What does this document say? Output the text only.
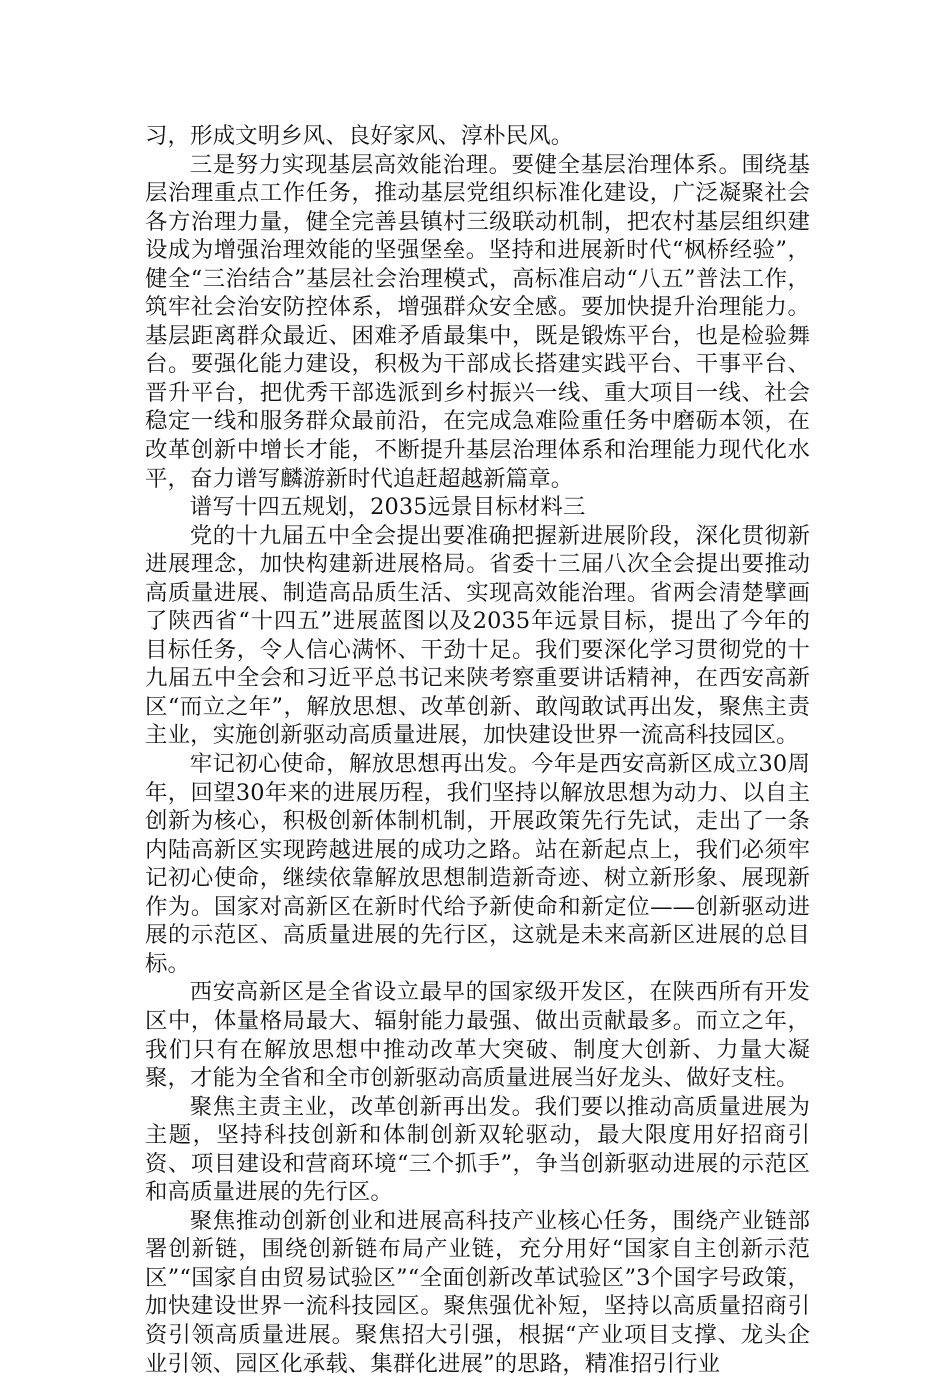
习，形成文明乡风、良好家风、淳朴民风。

三是努力实现基层高效能治理。要健全基层治理体系。围绕基层治理重点工作任务，推动基层党组织标准化建设，广泛凝聚社会各方治理力量，健全完善县镇村三级联动机制，把农村基层组织建设成为增强治理效能的坚强堡垒。坚持和进展新时代“枫桥经验”，健全“三治结合”基层社会治理模式，高标准启动“八五”普法工作，筑牢社会治安防控体系，增强群众安全感。要加快提升治理能力。基层距离群众最近、困难矛盾最集中，既是锻炼平台，也是检验舞台。要强化能力建设，积极为干部成长搭建实践平台、干事平台、晋升平台，把优秀干部选派到乡村振兴一线、重大项目一线、社会稳定一线和服务群众最前沿，在完成急难险重任务中磨砺本领，在改革创新中增长才能，不断提升基层治理体系和治理能力现代化水平，奋力谱写麟游新时代追赶超越新篇章。

谱写十四五规划，2035远景目标材料三

党的十九届五中全会提出要准确把握新进展阶段，深化贯彻新进展理念，加快构建新进展格局。省委十三届八次全会提出要推动高质量进展、制造高品质生活、实现高效能治理。省两会清楚擘画了陕西省“十四五”进展蓝图以及2035年远景目标，提出了今年的目标任务，令人信心满怀、干劲十足。我们要深化学习贯彻党的十九届五中全会和习近平总书记来陕考察重要讲话精神，在西安高新区“而立之年”，解放思想、改革创新、敢闯敢试再出发，聚焦主责主业，实施创新驱动高质量进展，加快建设世界一流高科技园区。

牢记初心使命，解放思想再出发。今年是西安高新区成立30周年，回望30年来的进展历程，我们坚持以解放思想为动力、以自主创新为核心，积极创新体制机制，开展政策先行先试，走出了一条内陆高新区实现跨越进展的成功之路。站在新起点上，我们必须牢记初心使命，继续依靠解放思想制造新奇迹、树立新形象、展现新作为。国家对高新区在新时代给予新使命和新定位——创新驱动进展的示范区、高质量进展的先行区，这就是未来高新区进展的总目标。

西安高新区是全省设立最早的国家级开发区，在陕西所有开发区中，体量格局最大、辐射能力最强、做出贡献最多。而立之年，我们只有在解放思想中推动改革大突破、制度大创新、力量大凝聚，才能为全省和全市创新驱动高质量进展当好龙头、做好支柱。

聚焦主责主业，改革创新再出发。我们要以推动高质量进展为主题，坚持科技创新和体制创新双轮驱动，最大限度用好招商引资、项目建设和营商环境“三个抓手”，争当创新驱动进展的示范区和高质量进展的先行区。

聚焦推动创新创业和进展高科技产业核心任务，围绕产业链部署创新链，围绕创新链布局产业链，充分用好“国家自主创新示范区”“国家自由贸易试验区”“全面创新改革试验区”3个国字号政策，加快建设世界一流科技园区。聚焦强优补短，坚持以高质量招商引资引领高质量进展。聚焦招大引强，根据“产业项目支撑、龙头企业引领、园区化承载、集群化进展”的思路，精准招引行业
